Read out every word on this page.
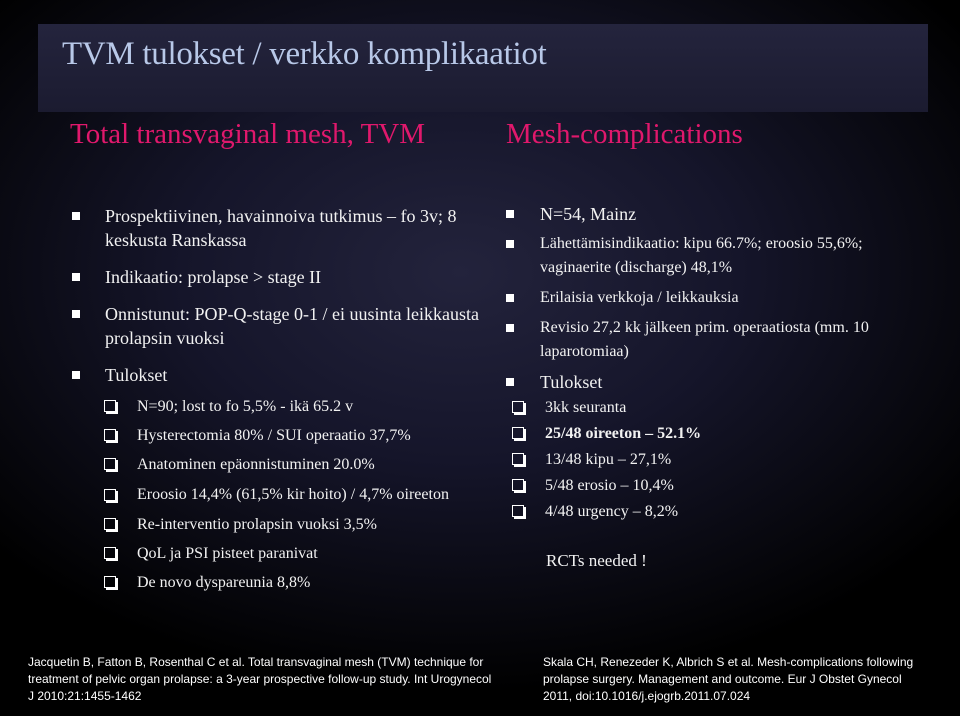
TVM tulokset / verkko komplikaatiot
Total transvaginal mesh, TVM	Mesh-complications
Prospektiivinen, havainnoiva tutkimus – fo 3v; 8 keskusta Ranskassa
Indikaatio: prolapse > stage II
Onnistunut: POP-Q-stage 0-1 / ei uusinta leikkausta prolapsin vuoksi
Tulokset
N=90; lost to fo 5,5% - ikä 65.2 v
Hysterectomia 80% / SUI operaatio 37,7%
Anatominen epäonnistuminen 20.0%
Eroosio 14,4% (61,5% kir hoito) / 4,7% oireeton
Re-interventio prolapsin vuoksi 3,5%
QoL ja PSI pisteet paranivat
De novo dyspareunia 8,8%
N=54, Mainz
Lähettämisindikaatio: kipu 66.7%; eroosio 55,6%; vaginaerite (discharge) 48,1%
Erilaisia verkkoja / leikkauksia
Revisio 27,2 kk jälkeen prim. operaatiosta (mm. 10 laparotomiaa)
Tulokset
3kk seuranta
25/48 oireeton – 52.1%
13/48 kipu – 27,1%
5/48 erosio – 10,4%
4/48 urgency – 8,2%
RCTs needed !
Jacquetin B, Fatton B, Rosenthal C et al. Total transvaginal mesh (TVM) technique for treatment of pelvic organ prolapse: a 3-year prospective follow-up study. Int Urogynecol J 2010:21:1455-1462
Skala CH, Renezeder K, Albrich S et al. Mesh-complications following prolapse surgery. Management and outcome. Eur J Obstet Gynecol 2011, doi:10.1016/j.ejogrb.2011.07.024
